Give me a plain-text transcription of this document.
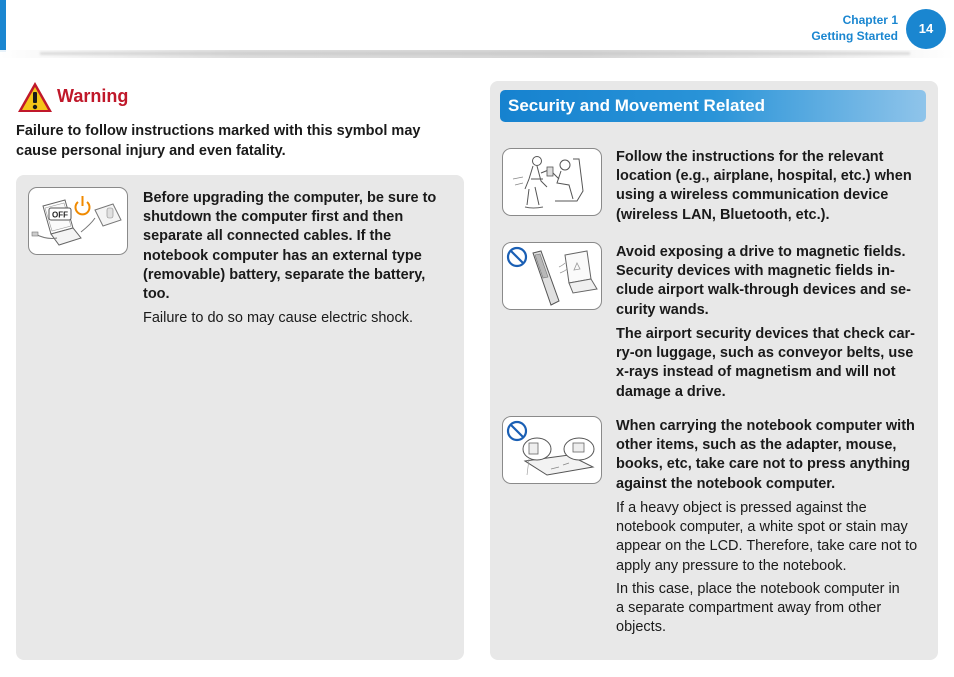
Chapter 1
Getting Started	14
Warning
Failure to follow instructions marked with this symbol may cause personal injury and even fatality.
OFF
Before upgrading the computer, be sure to shutdown the computer first and then separate all connected cables. If the notebook computer has an external type (removable) battery, separate the battery, too.
Failure to do so may cause electric shock.
Security and Movement Related
Follow the instructions for the relevant location (e.g., airplane, hospital, etc.) when using a wireless communication device (wireless LAN, Bluetooth, etc.).
Avoid exposing a drive to magnetic fields. Security devices with magnetic fields in-clude airport walk-through devices and se-curity wands.
The airport security devices that check car-ry-on luggage, such as conveyor belts, use x-rays instead of magnetism and will not damage a drive.
When carrying the notebook computer with other items, such as the adapter, mouse, books, etc, take care not to press anything against the notebook computer.
If a heavy object is pressed against the notebook computer, a white spot or stain may appear on the LCD. Therefore, take care not to apply any pressure to the notebook.
In this case, place the notebook computer in a separate compartment away from other objects.
